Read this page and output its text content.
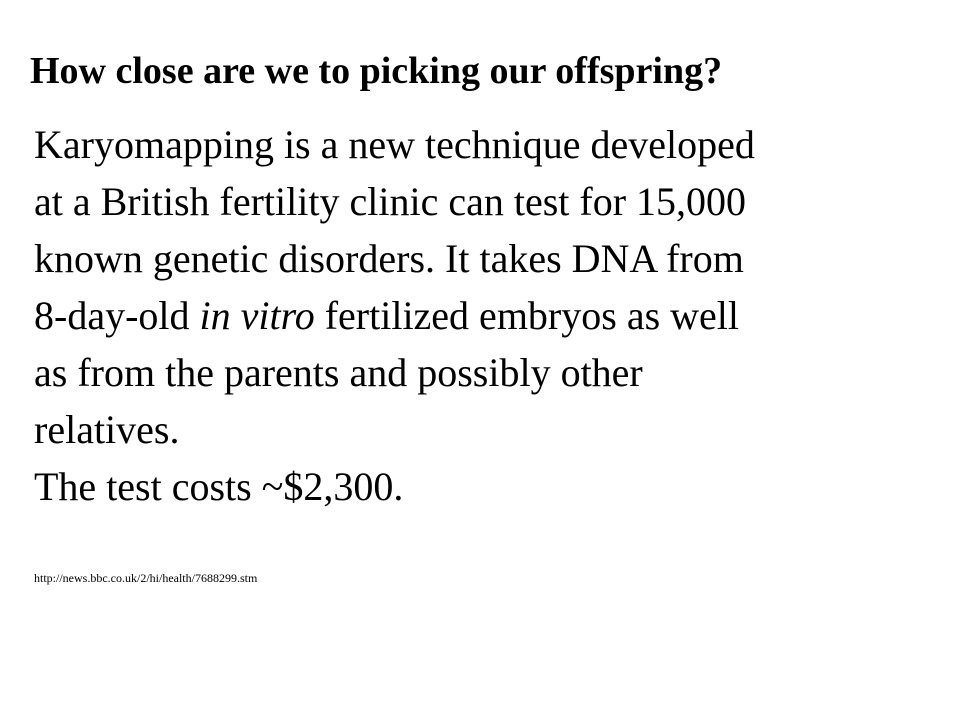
How close are we to picking our offspring?
Karyomapping is a new technique developed
at a British fertility clinic can test for 15,000
known genetic disorders. It takes DNA from
8-day-old in vitro fertilized embryos as well
as from the parents and possibly other
relatives.
The test costs ~$2,300.
http://news.bbc.co.uk/2/hi/health/7688299.stm
